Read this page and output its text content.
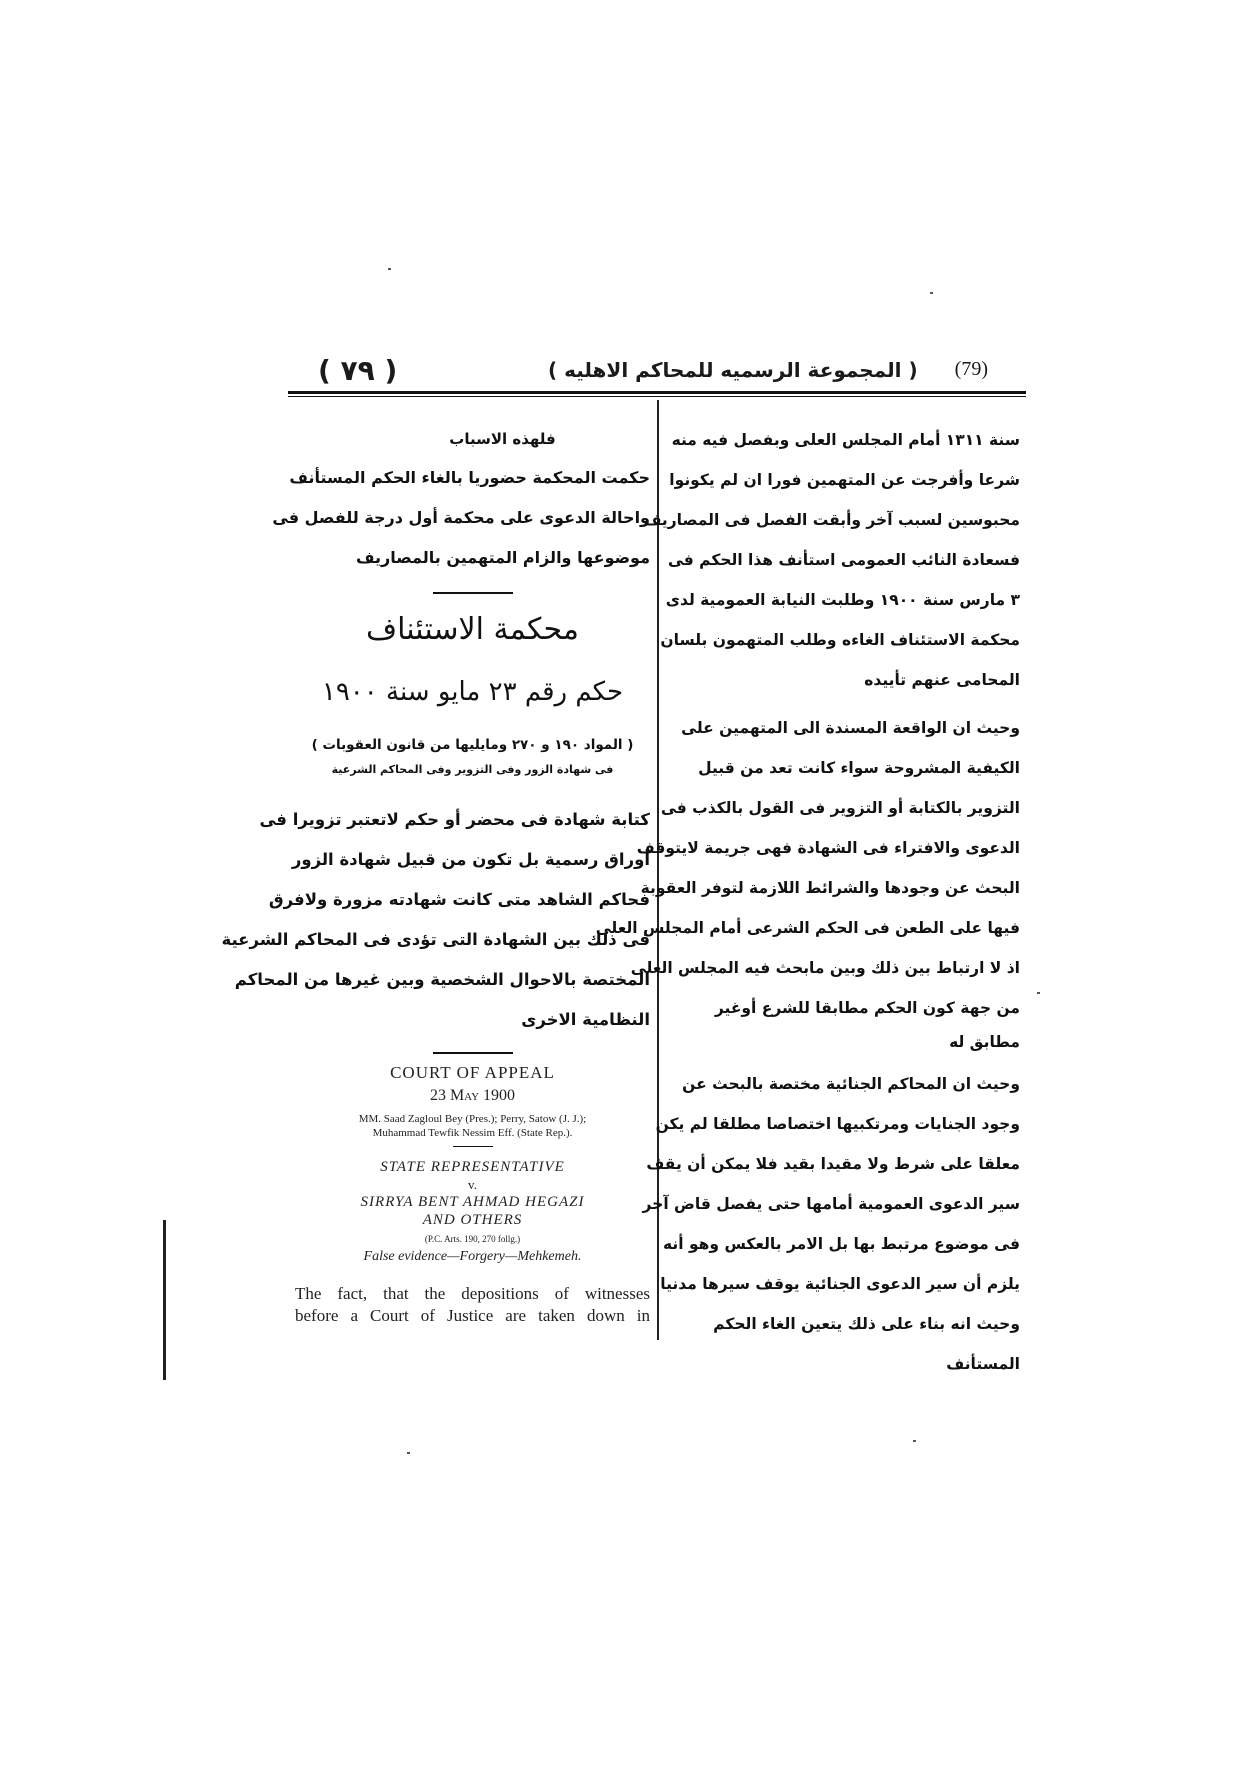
( ٧٩ )	( المجموعة الرسميه للمحاكم الاهليه ) (79)

سنة ١٣١١ أمام المجلس العلى وبفصل فيه منه

شرعا وأفرجت عن المتهمين فورا ان لم يكونوا

محبوسين لسبب آخر وأبقت الفصل فى المصاريف

فسعادة النائب العمومى استأنف هذا الحكم فى

٣ مارس سنة ١٩٠٠ وطلبت النيابة العمومية لدى

محكمة الاستئناف الغاءه وطلب المتهمون بلسان

المحامى عنهم تأييده

وحيث ان الواقعة المسندة الى المتهمين على

الكيفية المشروحة سواء كانت تعد من قبيل

التزوير بالكتابة أو التزوير فى القول بالكذب فى

الدعوى والافتراء فى الشهادة فهى جريمة لايتوقف

البحث عن وجودها والشرائط اللازمة لتوفر العقوبة

فيها على الطعن فى الحكم الشرعى أمام المجلس العلى

اذ لا ارتباط بين ذلك وبين مابحث فيه المجلس العلى

من جهة كون الحكم مطابقا للشرع أوغير

مطابق له

وحيث ان المحاكم الجنائية مختصة بالبحث عن

وجود الجنايات ومرتكبيها اختصاصا مطلقا لم يكن

معلقا على شرط ولا مقيدا بقيد فلا يمكن أن يقف

سير الدعوى العمومية أمامها حتى يفصل قاض آخر

فى موضوع مرتبط بها بل الامر بالعكس وهو أنه

يلزم أن سير الدعوى الجنائية يوقف سيرها مدنيا

وحيث انه بناء على ذلك يتعين الغاء الحكم

المستأنف

فلهذه الاسباب

حكمت المحكمة حضوريا بالغاء الحكم المستأنف

واحالة الدعوى على محكمة أول درجة للفصل فى

موضوعها والزام المتهمين بالمصاريف

محكمة الاستئناف

حكم رقم ٢٣ مايو سنة ١٩٠٠

( المواد ١٩٠ و ٢٧٠ ومايليها من قانون العقوبات )

فى شهادة الزور وفى التزوير وفى المحاكم الشرعية

كتابة شهادة فى محضر أو حكم لاتعتبر تزويرا فى

أوراق رسمية بل تكون من قبيل شهادة الزور

فحاكم الشاهد متى كانت شهادته مزورة ولافرق

فى ذلك بين الشهادة التى تؤدى فى المحاكم الشرعية

المختصة بالاحوال الشخصية وبين غيرها من المحاكم

النظامية الاخرى

COURT OF APPEAL

23 May 1900

MM. Saad Zagloul Bey (Pres.); Perry, Satow (J. J.);

Muhammad Tewfik Nessim Eff. (State Rep.).

STATE REPRESENTATIVE

v.

SIRRYA BENT AHMAD HEGAZI

AND OTHERS

(P.C. Arts. 190, 270 follg.)

False evidence—Forgery—Mehkemeh.

The fact, that the depositions of witnesses

before a Court of Justice are taken down in
